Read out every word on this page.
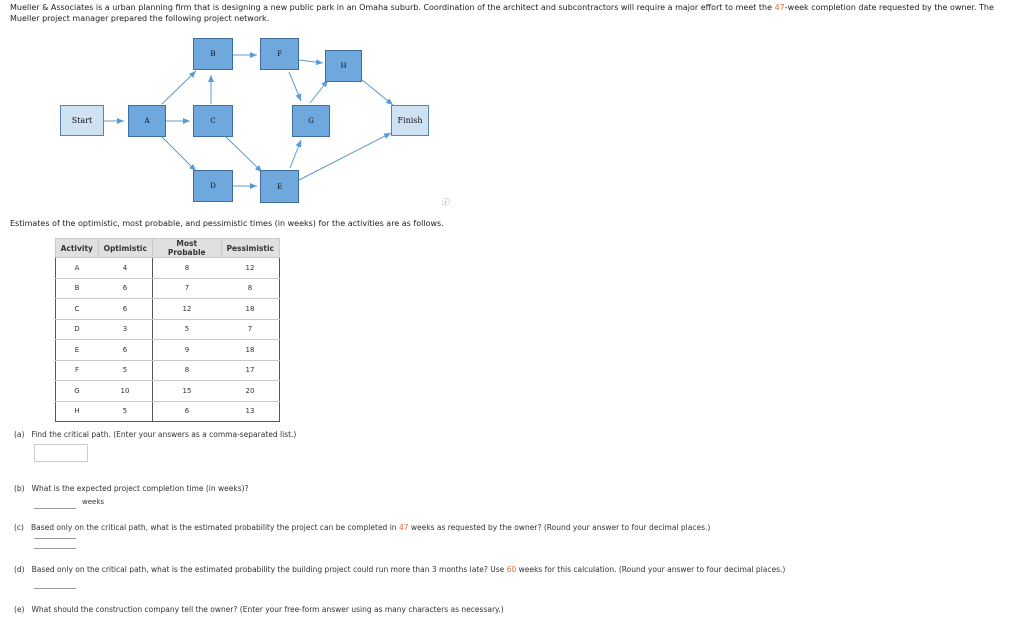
Mueller & Associates is a urban planning firm that is designing a new public park in an Omaha suburb. Coordination of the architect and subcontractors will require a major effort to meet the 47-week completion date requested by the owner. The Mueller project manager prepared the following project network.
Start	A
B
C
D
F
E
G
H
Finish
ⓘ
Estimates of the optimistic, most probable, and pessimistic times (in weeks) for the activities are as follows.
Activity	Optimistic	Most Probable	Pessimistic
A	4	8	12
B	6	7	8
C	6	12	18
D	3	5	7
E	6	9	18
F	5	8	17
G	10	15	20
H	5	6	13
(a) Find the critical path. (Enter your answers as a comma-separated list.)
(b) What is the expected project completion time (in weeks)?
weeks
(c) Based only on the critical path, what is the estimated probability the project can be completed in 47 weeks as requested by the owner? (Round your answer to four decimal places.)
(d) Based only on the critical path, what is the estimated probability the building project could run more than 3 months late? Use 60 weeks for this calculation. (Round your answer to four decimal places.)
(e) What should the construction company tell the owner? (Enter your free-form answer using as many characters as necessary.)
